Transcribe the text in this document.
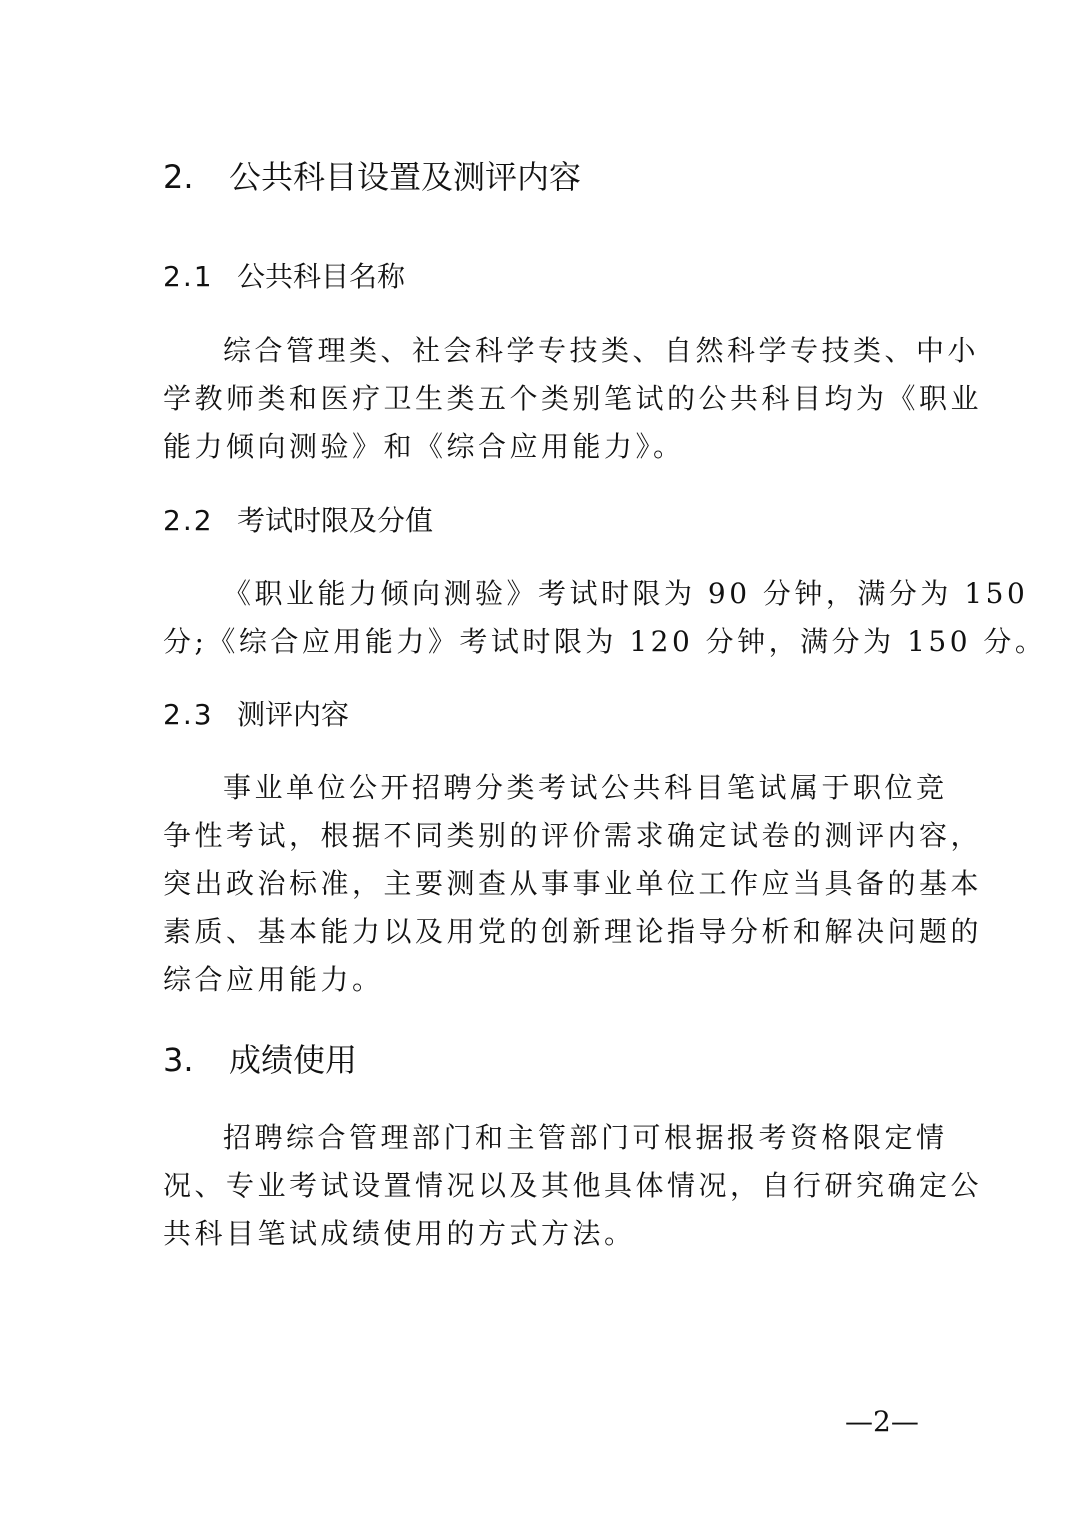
2. 公共科目设置及测评内容
2.1 公共科目名称
综合管理类、社会科学专技类、自然科学专技类、中小
学教师类和医疗卫生类五个类别笔试的公共科目均为《职业
能力倾向测验》和《综合应用能力》。
2.2 考试时限及分值
《职业能力倾向测验》考试时限为 90 分钟，满分为 150
分;《综合应用能力》考试时限为 120 分钟，满分为 150 分。
2.3 测评内容
事业单位公开招聘分类考试公共科目笔试属于职位竞
争性考试，根据不同类别的评价需求确定试卷的测评内容，
突出政治标准，主要测查从事事业单位工作应当具备的基本
素质、基本能力以及用党的创新理论指导分析和解决问题的
综合应用能力。
3. 成绩使用
招聘综合管理部门和主管部门可根据报考资格限定情
况、专业考试设置情况以及其他具体情况，自行研究确定公
共科目笔试成绩使用的方式方法。
—2—
